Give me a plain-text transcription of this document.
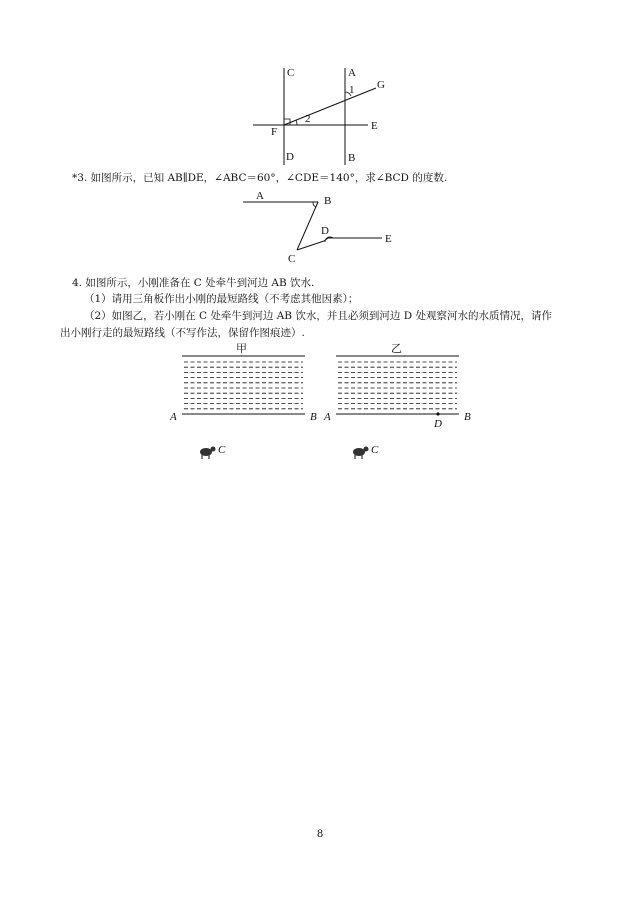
C	A
G
1
2
F	E
D	B
*3. 如图所示，已知 AB∥DE，∠ABC＝60°，∠CDE＝140°，求∠BCD 的度数.
A	B
C
D
E
4. 如图所示，小刚准备在 C 处牵牛到河边 AB 饮水.
（1）请用三角板作出小刚的最短路线（不考虑其他因素）；
（2）如图乙，若小刚在 C 处牵牛到河边 AB 饮水，并且必须到河边 D 处观察河水的水质情况，请作
出小刚行走的最短路线（不写作法，保留作图痕迹）.
甲
A	B
C
乙
A	B
D
C
8
